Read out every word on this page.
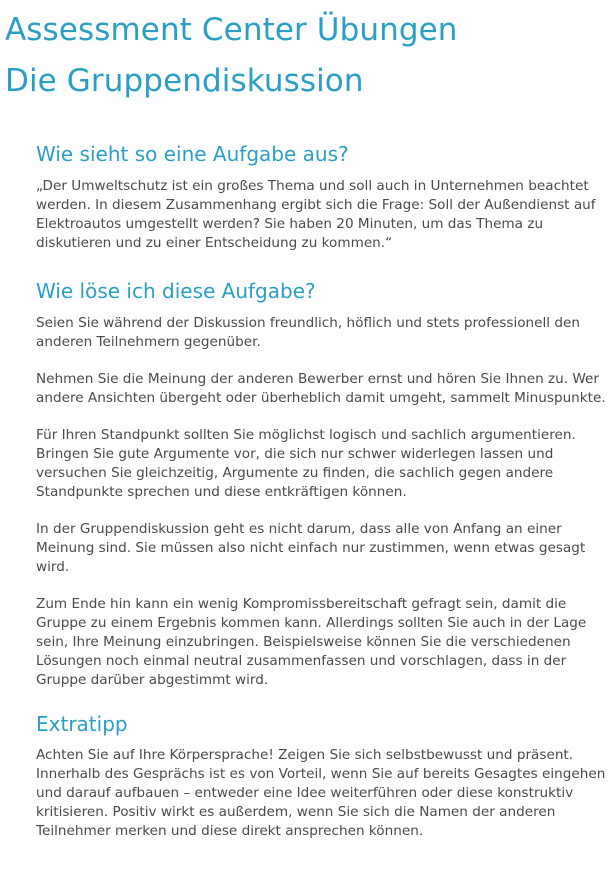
Assessment Center Übungen
Die Gruppendiskussion
Wie sieht so eine Aufgabe aus?

„Der Umweltschutz ist ein großes Thema und soll auch in Unternehmen beachtet werden. In diesem Zusammenhang ergibt sich die Frage: Soll der Außendienst auf Elektroautos umgestellt werden? Sie haben 20 Minuten, um das Thema zu diskutieren und zu einer Entscheidung zu kommen.“

Wie löse ich diese Aufgabe?

Seien Sie während der Diskussion freundlich, höflich und stets professionell den anderen Teilnehmern gegenüber.

Nehmen Sie die Meinung der anderen Bewerber ernst und hören Sie Ihnen zu. Wer andere Ansichten übergeht oder überheblich damit umgeht, sammelt Minuspunkte.

Für Ihren Standpunkt sollten Sie möglichst logisch und sachlich argumentieren. Bringen Sie gute Argumente vor, die sich nur schwer widerlegen lassen und versuchen Sie gleichzeitig, Argumente zu finden, die sachlich gegen andere Standpunkte sprechen und diese entkräftigen können.

In der Gruppendiskussion geht es nicht darum, dass alle von Anfang an einer Meinung sind. Sie müssen also nicht einfach nur zustimmen, wenn etwas gesagt wird.

Zum Ende hin kann ein wenig Kompromissbereitschaft gefragt sein, damit die Gruppe zu einem Ergebnis kommen kann. Allerdings sollten Sie auch in der Lage sein, Ihre Meinung einzubringen. Beispielsweise können Sie die verschiedenen Lösungen noch einmal neutral zusammenfassen und vorschlagen, dass in der Gruppe darüber abgestimmt wird.

Extratipp

Achten Sie auf Ihre Körpersprache! Zeigen Sie sich selbstbewusst und präsent. Innerhalb des Gesprächs ist es von Vorteil, wenn Sie auf bereits Gesagtes eingehen und darauf aufbauen – entweder eine Idee weiterführen oder diese konstruktiv kritisieren. Positiv wirkt es außerdem, wenn Sie sich die Namen der anderen Teilnehmer merken und diese direkt ansprechen können.
